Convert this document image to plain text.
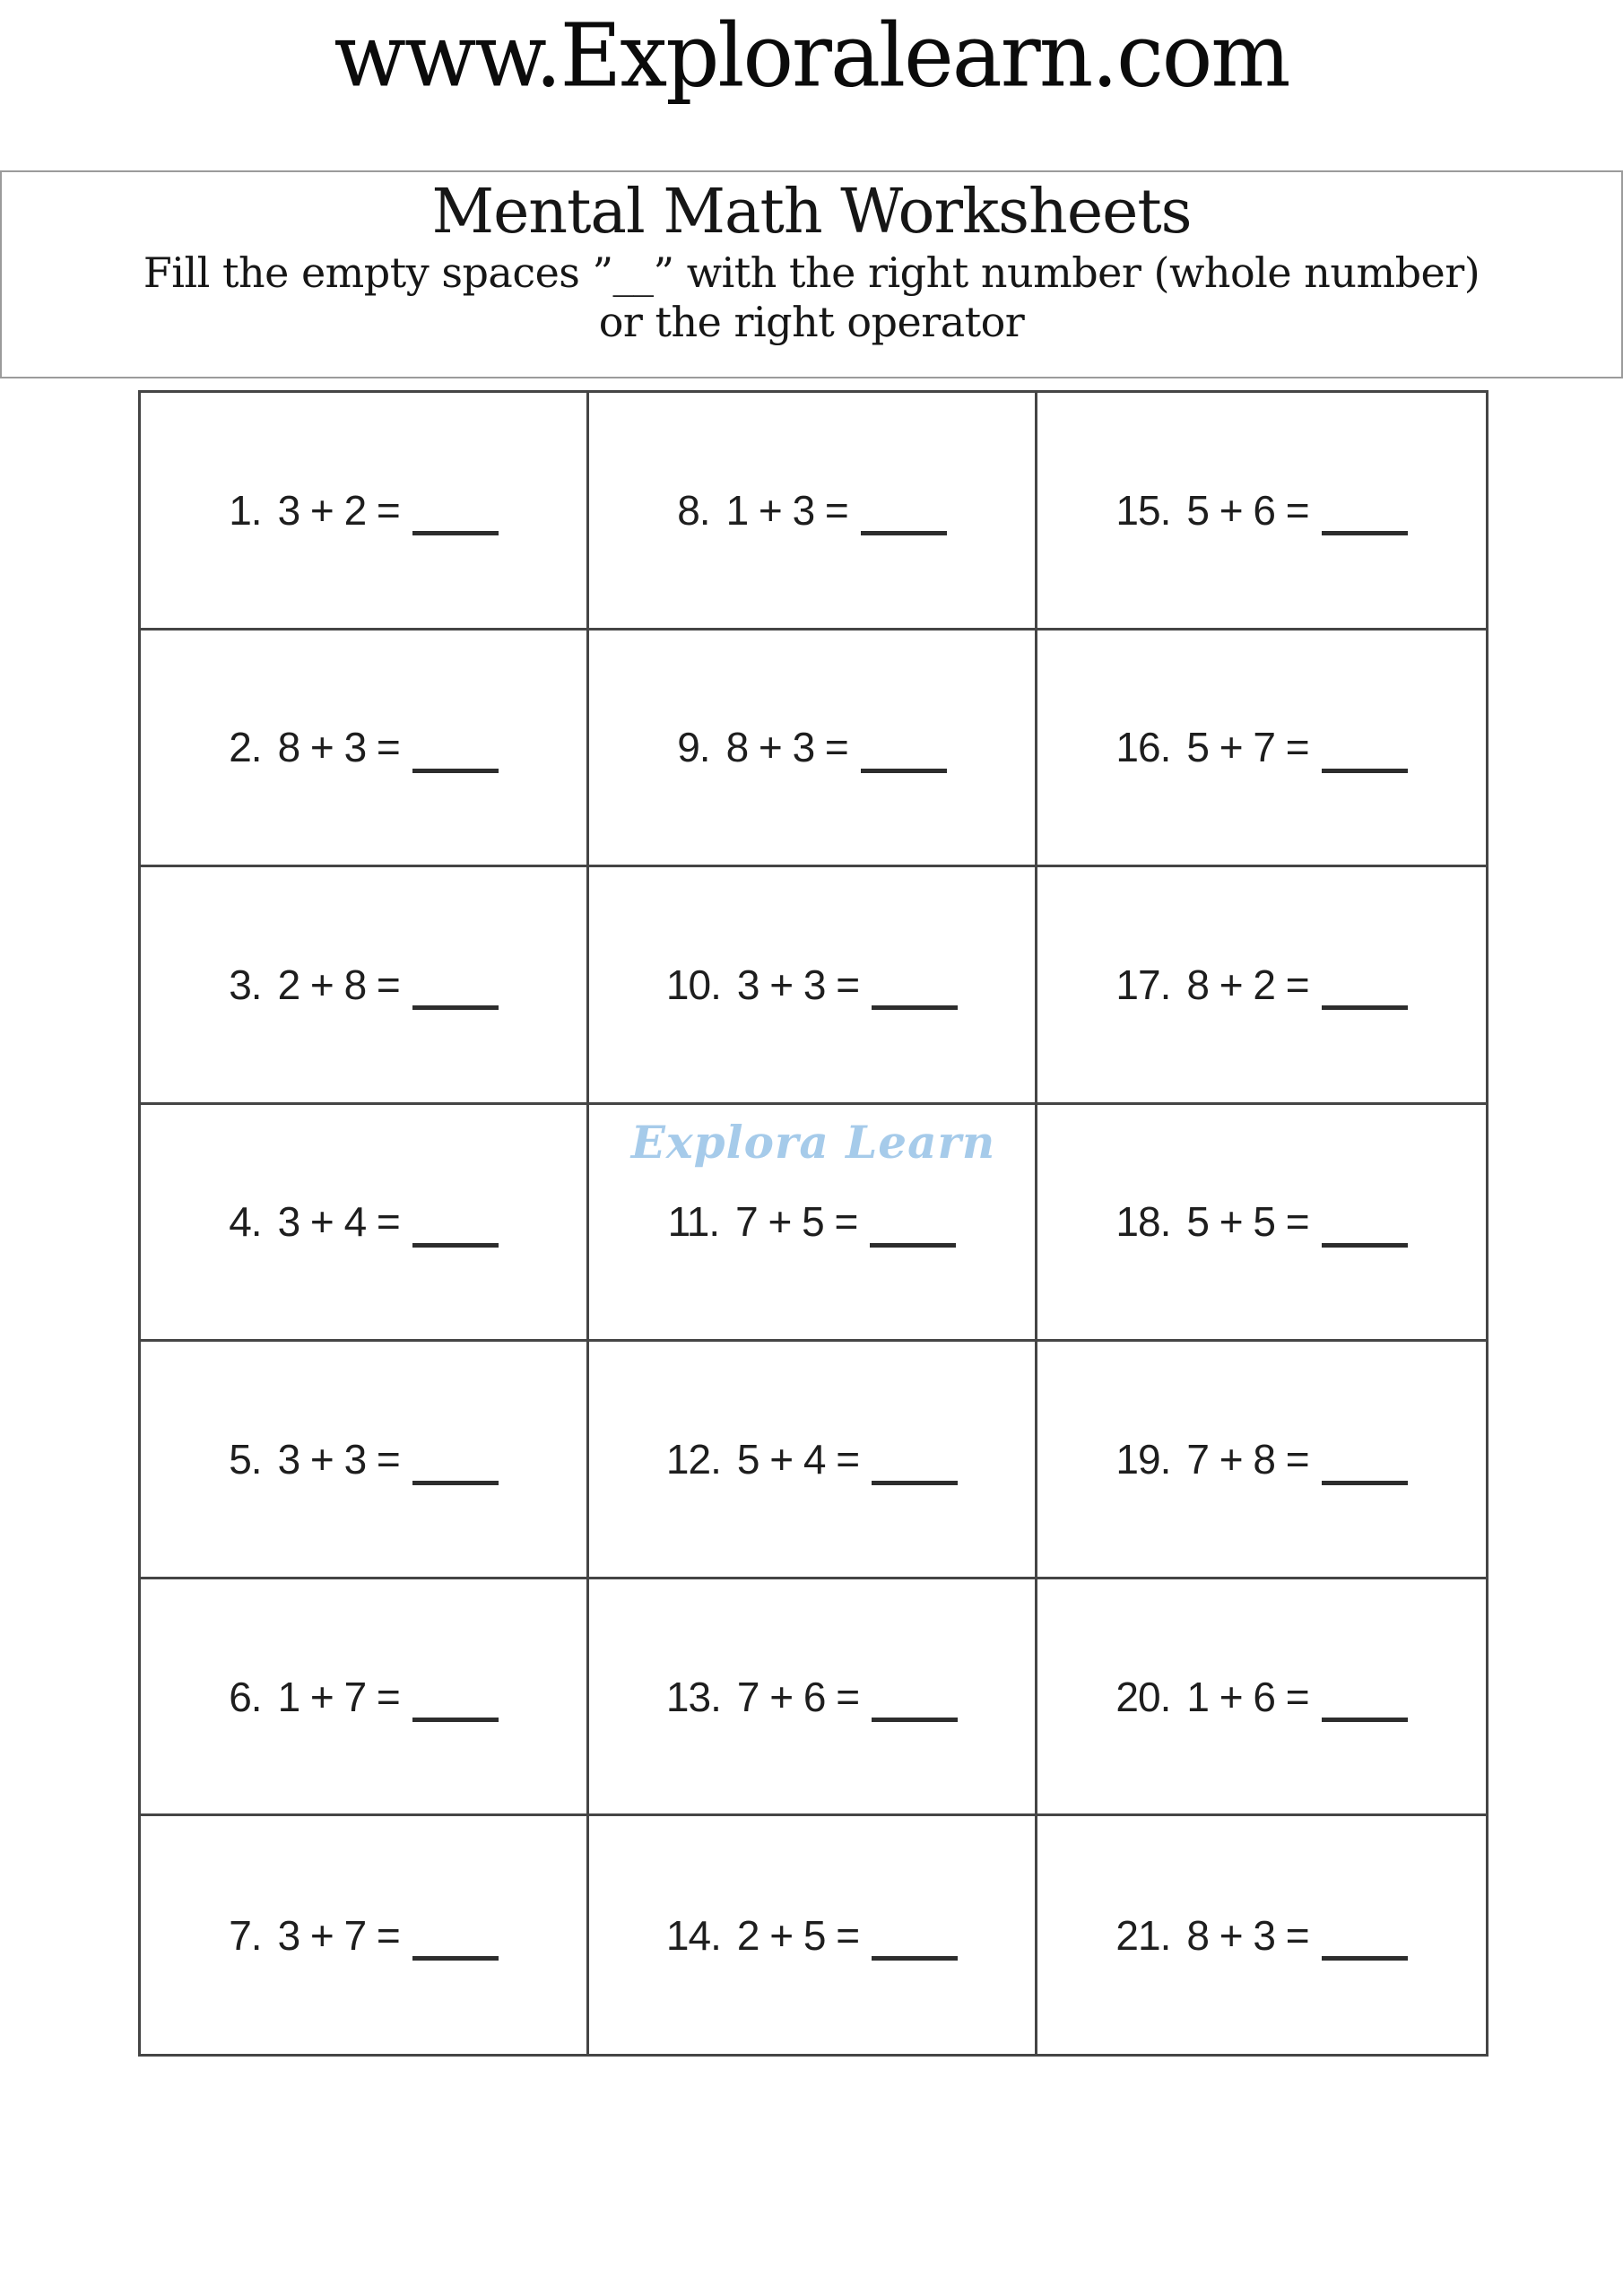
www.Exploralearn.com
Mental Math Worksheets
Fill the empty spaces ”__” with the right number (whole number)
or the right operator
1. 3 + 2 =	8. 1 + 3 =	15. 5 + 6 =
2. 8 + 3 =	9. 8 + 3 =	16. 5 + 7 =
3. 2 + 8 =	10. 3 + 3 =	17. 8 + 2 =
4. 3 + 4 =	11. 7 + 5 =	18. 5 + 5 =
5. 3 + 3 =	12. 5 + 4 =	19. 7 + 8 =
6. 1 + 7 =	13. 7 + 6 =	20. 1 + 6 =
7. 3 + 7 =	14. 2 + 5 =	21. 8 + 3 =
Explora Learn
